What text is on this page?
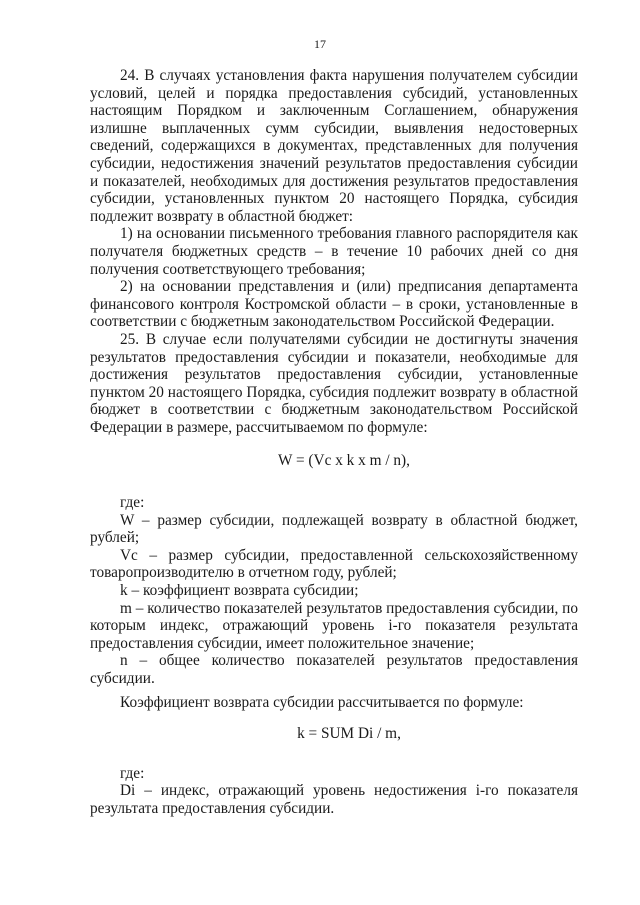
17

24. В случаях установления факта нарушения получателем субсидии условий, целей и порядка предоставления субсидий, установленных настоящим Порядком и заключенным Соглашением, обнаружения излишне выплаченных сумм субсидии, выявления недостоверных сведений, содержащихся в документах, представленных для получения субсидии, недостижения значений результатов предоставления субсидии и показателей, необходимых для достижения результатов предоставления субсидии, установленных пунктом 20 настоящего Порядка, субсидия подлежит возврату в областной бюджет:

1) на основании письменного требования главного распорядителя как получателя бюджетных средств – в течение 10 рабочих дней со дня получения соответствующего требования;

2) на основании представления и (или) предписания департамента финансового контроля Костромской области – в сроки, установленные в соответствии с бюджетным законодательством Российской Федерации.

25. В случае если получателями субсидии не достигнуты значения результатов предоставления субсидии и показатели, необходимые для достижения результатов предоставления субсидии, установленные пунктом 20 настоящего Порядка, субсидия подлежит возврату в областной бюджет в соответствии с бюджетным законодательством Российской Федерации в размере, рассчитываемом по формуле:

W = (Vc x k x m / n),

где:

W – размер субсидии, подлежащей возврату в областной бюджет, рублей;

Vc – размер субсидии, предоставленной сельскохозяйственному товаропроизводителю в отчетном году, рублей;

k – коэффициент возврата субсидии;

m – количество показателей результатов предоставления субсидии, по которым индекс, отражающий уровень i-го показателя результата предоставления субсидии, имеет положительное значение;

n – общее количество показателей результатов предоставления субсидии.

Коэффициент возврата субсидии рассчитывается по формуле:

k = SUM Di / m,

где:

Di – индекс, отражающий уровень недостижения i-го показателя результата предоставления субсидии.
